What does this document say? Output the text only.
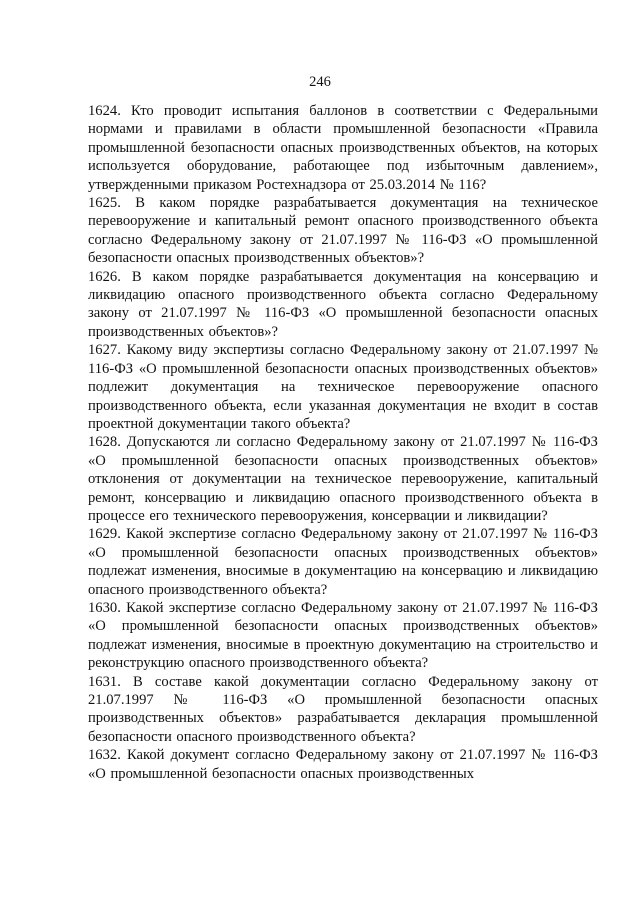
246

1624. Кто проводит испытания баллонов в соответствии с Федеральными нормами и правилами в области промышленной безопасности «Правила промышленной безопасности опасных производственных объектов, на которых используется оборудование, работающее под избыточным давлением», утвержденными приказом Ростехнадзора от 25.03.2014 № 116?

1625. В каком порядке разрабатывается документация на техническое перевооружение и капитальный ремонт опасного производственного объекта согласно Федеральному закону от 21.07.1997 № 116-ФЗ «О промышленной безопасности опасных производственных объектов»?

1626. В каком порядке разрабатывается документация на консервацию и ликвидацию опасного производственного объекта согласно Федеральному закону от 21.07.1997 № 116-ФЗ «О промышленной безопасности опасных производственных объектов»?

1627. Какому виду экспертизы согласно Федеральному закону от 21.07.1997 № 116-ФЗ «О промышленной безопасности опасных производственных объектов» подлежит документация на техническое перевооружение опасного производственного объекта, если указанная документация не входит в состав проектной документации такого объекта?

1628. Допускаются ли согласно Федеральному закону от 21.07.1997 № 116-ФЗ «О промышленной безопасности опасных производственных объектов» отклонения от документации на техническое перевооружение, капитальный ремонт, консервацию и ликвидацию опасного производственного объекта в процессе его технического перевооружения, консервации и ликвидации?

1629. Какой экспертизе согласно Федеральному закону от 21.07.1997 № 116-ФЗ «О промышленной безопасности опасных производственных объектов» подлежат изменения, вносимые в документацию на консервацию и ликвидацию опасного производственного объекта?

1630. Какой экспертизе согласно Федеральному закону от 21.07.1997 № 116-ФЗ «О промышленной безопасности опасных производственных объектов» подлежат изменения, вносимые в проектную документацию на строительство и реконструкцию опасного производственного объекта?

1631. В составе какой документации согласно Федеральному закону от 21.07.1997 № 116-ФЗ «О промышленной безопасности опасных производственных объектов» разрабатывается декларация промышленной безопасности опасного производственного объекта?

1632. Какой документ согласно Федеральному закону от 21.07.1997 № 116-ФЗ «О промышленной безопасности опасных производственных
